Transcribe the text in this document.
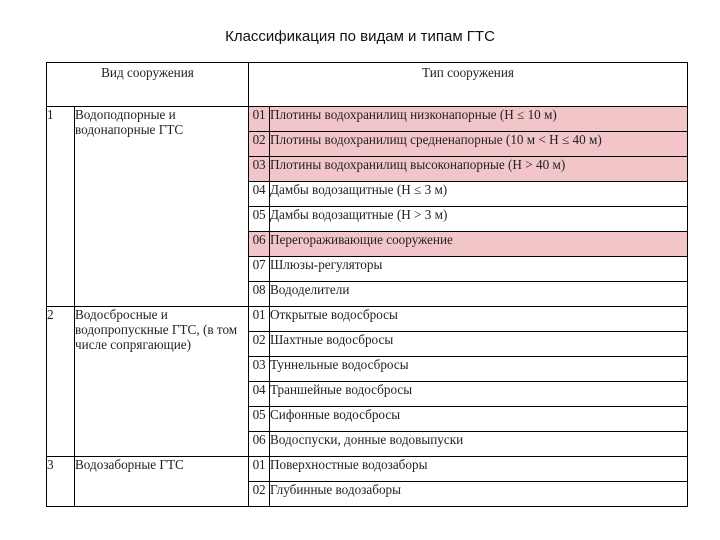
Классификация по видам и типам ГТС
Вид сооружения		Тип сооружения	
1	Водоподпорные и водонапорные ГТС	01	Плотины водохранилищ низконапорные (Н ≤ 10 м)
		02	Плотины водохранилищ средненапорные (10 м < Н ≤ 40 м)
		03	Плотины водохранилищ высоконапорные (Н > 40 м)
		04	Дамбы водозащитные (Н ≤ 3 м)
		05	Дамбы водозащитные (Н > 3 м)
		06	Перегораживающие сооружение
		07	Шлюзы-регуляторы
		08	Вододелители
2	Водосбросные и водопропускные ГТС, (в том числе сопрягающие)	01	Открытые водосбросы
		02	Шахтные водосбросы
		03	Туннельные водосбросы
		04	Траншейные водосбросы
		05	Сифонные водосбросы
		06	Водоспуски, донные водовыпуски
3	Водозаборные ГТС	01	Поверхностные водозаборы
		02	Глубинные водозаборы
